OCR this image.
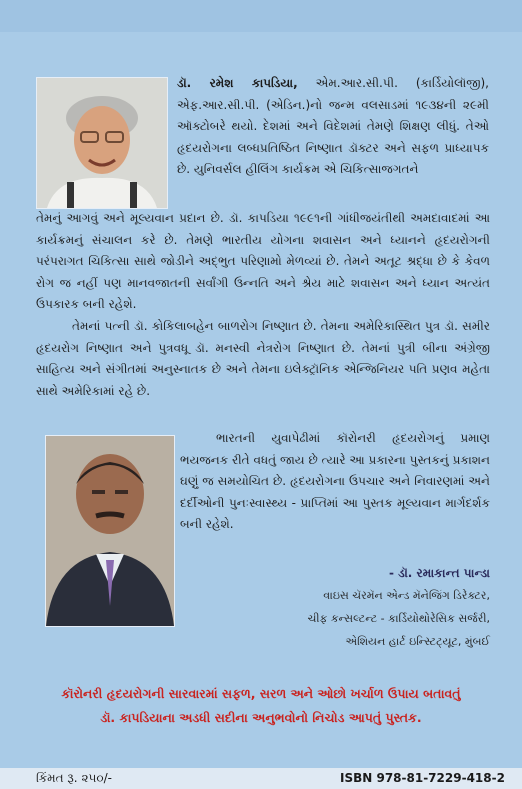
ડૉ. રમેશ કાપડિયા, એમ.આર.સી.પી. (કાર્ડિયોલૉજી), એફ.આર.સી.પી. (એડિન.)નો જન્મ વલસાડમાં ૧૯૩૪ની ૨૯મી ઑક્ટોબરે થયો. દેશમાં અને વિદેશમાં તેમણે શિક્ષણ લીધું. તેઓ હૃદયરોગના લબ્ધપ્રતિષ્ઠિત નિષ્ણાત ડૉક્ટર અને સફળ પ્રાધ્યાપક છે. યુનિવર્સલ હીલિંગ કાર્યક્રમ એ ચિકિત્સાજગતને

તેમનું આગવું અને મૂલ્યવાન પ્રદાન છે. ડૉ. કાપડિયા ૧૯૯૧ની ગાંધીજયંતીથી અમદાવાદમાં આ કાર્યક્રમનું સંચાલન કરે છે. તેમણે ભારતીય યોગના શવાસન અને ધ્યાનને હૃદયરોગની પરંપરાગત ચિકિત્સા સાથે જોડીને અદ્ભુત પરિણામો મેળવ્યાં છે. તેમને અતૂટ શ્રદ્ધા છે કે કેવળ રોગ જ નહીં પણ માનવજાતની સર્વાંગી ઉન્નતિ અને શ્રેય માટે શવાસન અને ધ્યાન અત્યંત ઉપકારક બની રહેશે.

તેમનાં પત્ની ડૉ. કોકિલાબહેન બાળરોગ નિષ્ણાત છે. તેમના અમેરિકાસ્થિત પુત્ર ડૉ. સમીર હૃદયરોગ નિષ્ણાત અને પુત્રવધૂ ડૉ. મનસ્વી નેત્રરોગ નિષ્ણાત છે. તેમનાં પુત્રી બીના અંગ્રેજી સાહિત્ય અને સંગીતમાં અનુસ્નાતક છે અને તેમના ઇલેક્ટ્રૉનિક એન્જિનિયર પતિ પ્રણવ મહેતા સાથે અમેરિકામાં રહે છે.

ભારતની યુવાપેઢીમાં કૉરોનરી હૃદયરોગનું પ્રમાણ ભયજનક રીતે વધતું જાય છે ત્યારે આ પ્રકારના પુસ્તકનું પ્રકાશન ઘણું જ સમયોચિત છે. હૃદયરોગના ઉપચાર અને નિવારણમાં અને દર્દીઓની પુનઃસ્વાસ્થ્ય - પ્રાપ્તિમાં આ પુસ્તક મૂલ્યવાન માર્ગદર્શક બની રહેશે.

- ડૉ. રમાકાન્ત પાન્ડા
વાઇસ ચૅરમૅન એન્ડ મૅનેજિંગ ડિરેક્ટર,
ચીફ કન્સલ્ટન્ટ - કાર્ડિયોથોરેસિક સર્જરી,
એશિયન હાર્ટ ઇન્સ્ટિટ્યૂટ, મુંબઈ
કૉરોનરી હૃદયરોગની સારવારમાં સફળ, સરળ અને ઓછો ખર્ચાળ ઉપાય બતાવતું
ડૉ. કાપડિયાના અડધી સદીના અનુભવોનો નિચોડ આપતું પુસ્તક.
કિંમત રૂ. ૨૫૦/-	ISBN 978-81-7229-418-2
